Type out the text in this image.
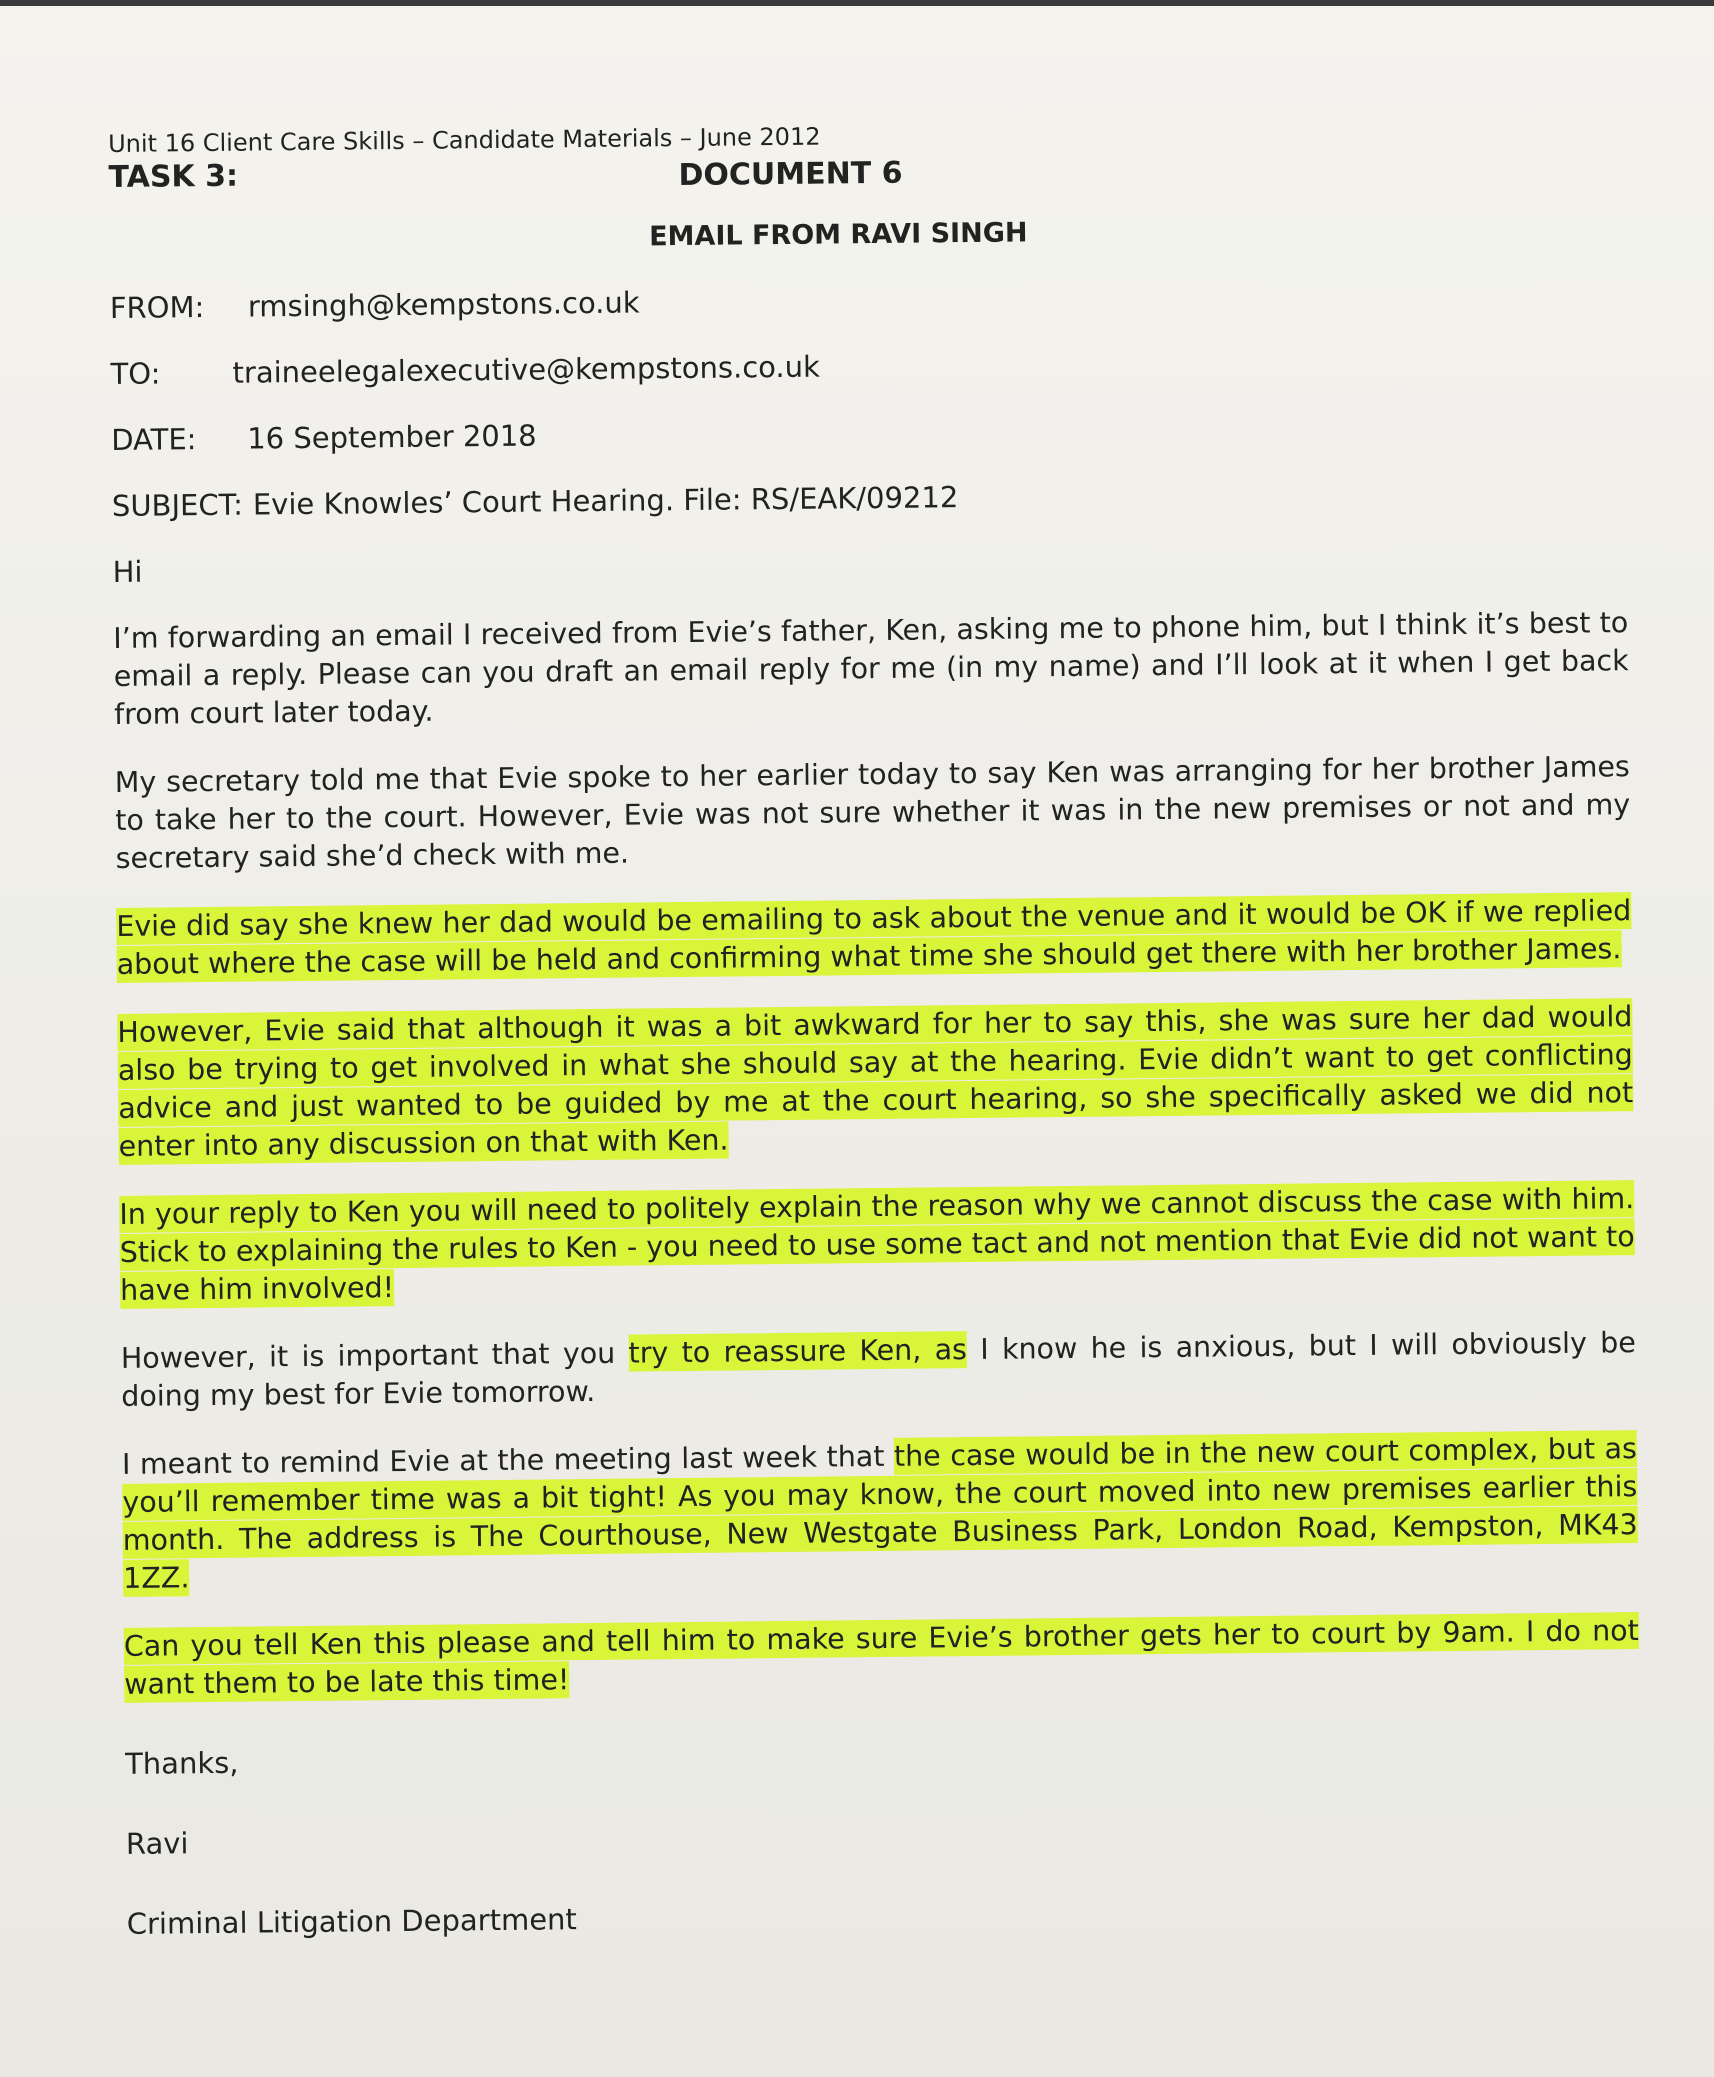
Unit 16 Client Care Skills – Candidate Materials – June 2012
TASK 3:	DOCUMENT 6
EMAIL FROM RAVI SINGH
FROM: rmsingh@kempstons.co.uk
TO: traineelegalexecutive@kempstons.co.uk
DATE: 16 September 2018
SUBJECT: Evie Knowles’ Court Hearing. File: RS/EAK/09212
Hi
I’m forwarding an email I received from Evie’s father, Ken, asking me to phone him, but I think it’s best to email a reply. Please can you draft an email reply for me (in my name) and I’ll look at it when I get back from court later today.
My secretary told me that Evie spoke to her earlier today to say Ken was arranging for her brother James to take her to the court. However, Evie was not sure whether it was in the new premises or not and my secretary said she’d check with me.
Evie did say she knew her dad would be emailing to ask about the venue and it would be OK if we replied about where the case will be held and confirming what time she should get there with her brother James.
However, Evie said that although it was a bit awkward for her to say this, she was sure her dad would also be trying to get involved in what she should say at the hearing. Evie didn’t want to get conflicting advice and just wanted to be guided by me at the court hearing, so she specifically asked we did not enter into any discussion on that with Ken.
In your reply to Ken you will need to politely explain the reason why we cannot discuss the case with him. Stick to explaining the rules to Ken - you need to use some tact and not mention that Evie did not want to have him involved!
However, it is important that you try to reassure Ken, as I know he is anxious, but I will obviously be doing my best for Evie tomorrow.
I meant to remind Evie at the meeting last week that the case would be in the new court complex, but as you’ll remember time was a bit tight! As you may know, the court moved into new premises earlier this month. The address is The Courthouse, New Westgate Business Park, London Road, Kempston, MK43 1ZZ.
Can you tell Ken this please and tell him to make sure Evie’s brother gets her to court by 9am. I do not want them to be late this time!
Thanks,
Ravi
Criminal Litigation Department
